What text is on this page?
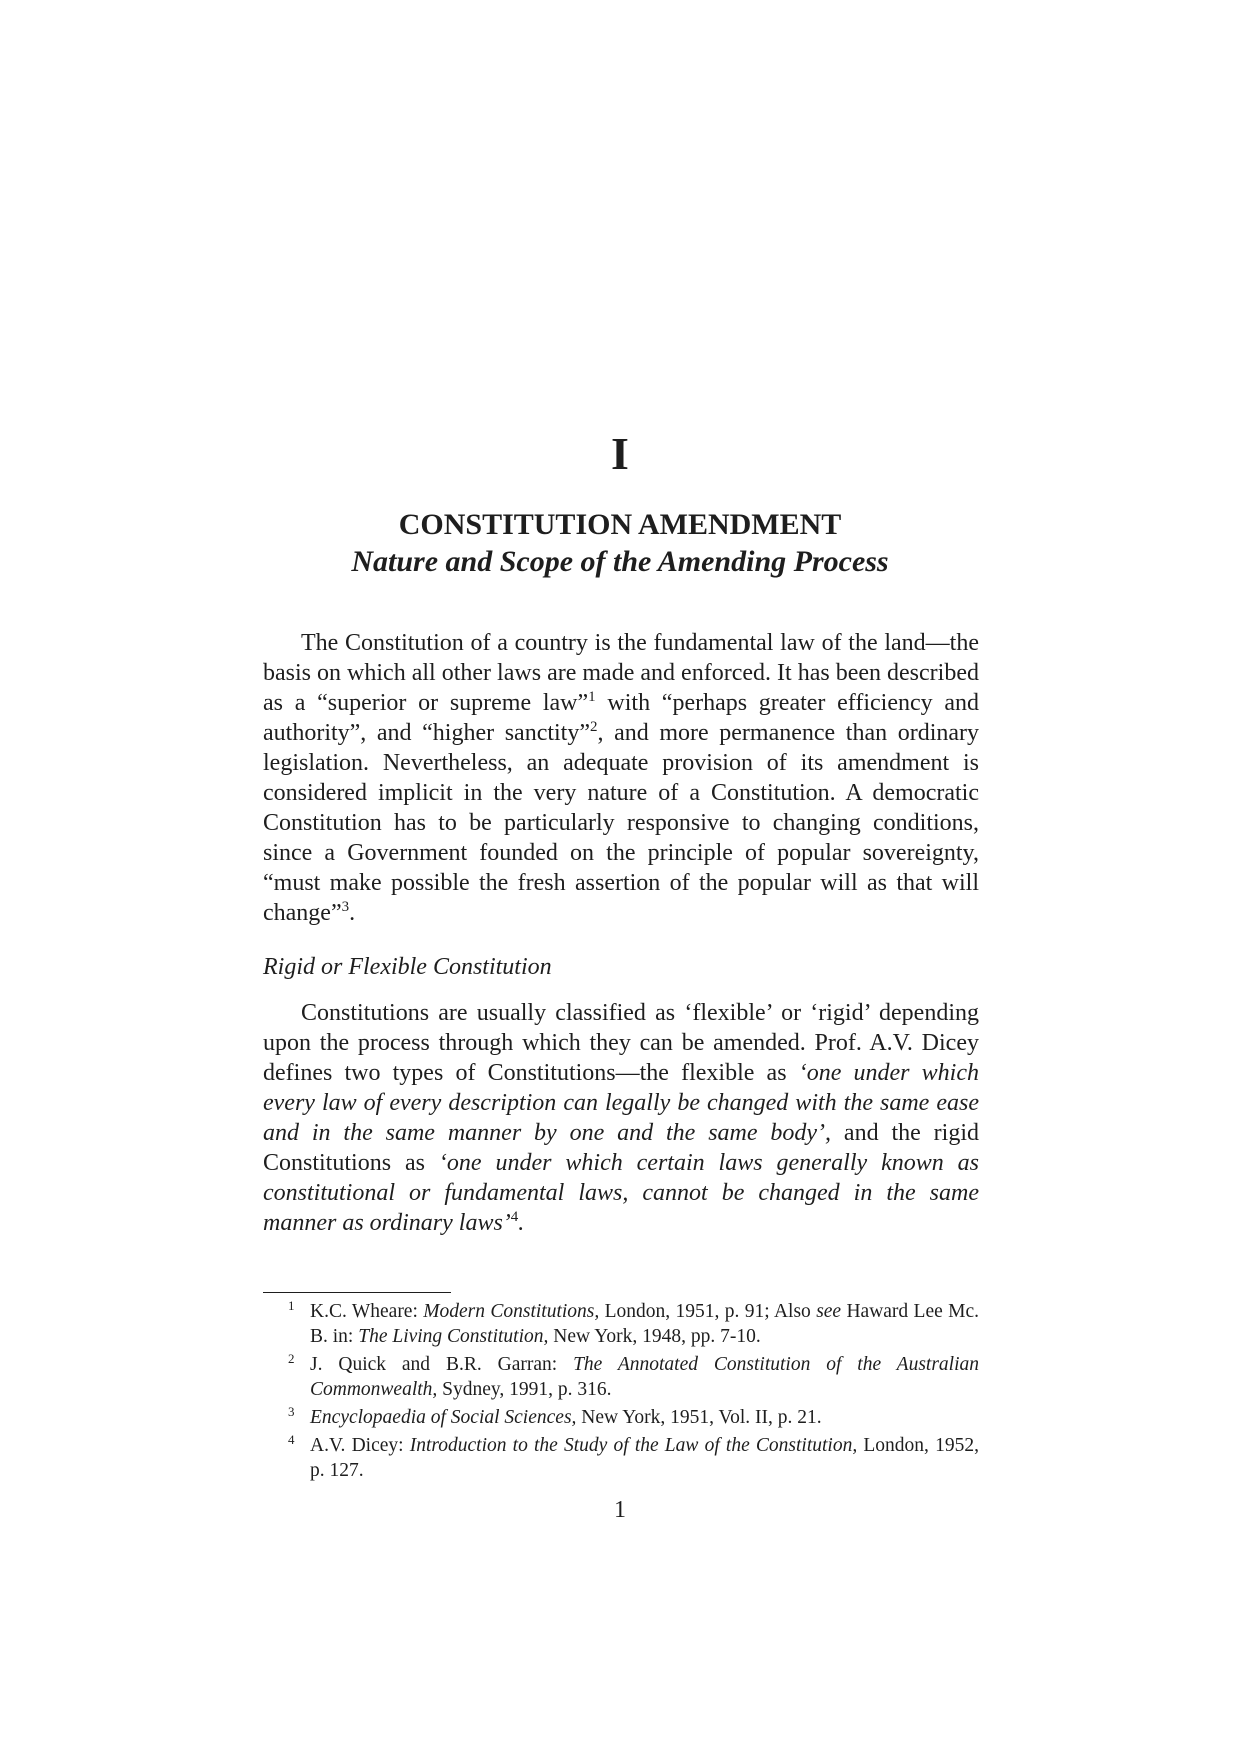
I
CONSTITUTION AMENDMENT
Nature and Scope of the Amending Process

The Constitution of a country is the fundamental law of the land—the basis on which all other laws are made and enforced. It has been described as a “superior or supreme law”$^1$ with “perhaps greater efficiency and authority”, and “higher sanctity”$^2$, and more permanence than ordinary legislation. Nevertheless, an adequate provision of its amendment is considered implicit in the very nature of a Constitution. A democratic Constitution has to be particularly responsive to changing conditions, since a Government founded on the principle of popular sovereignty, “must make possible the fresh assertion of the popular will as that will change”$^3$.

Rigid or Flexible Constitution

Constitutions are usually classified as ‘flexible’ or ‘rigid’ depending upon the process through which they can be amended. Prof. A.V. Dicey defines two types of Constitutions—the flexible as ‘one under which every law of every description can legally be changed with the same ease and in the same manner by one and the same body’, and the rigid Constitutions as ‘one under which certain laws generally known as constitutional or fundamental laws, cannot be changed in the same manner as ordinary laws’$^4$.

1 K.C. Wheare: Modern Constitutions, London, 1951, p. 91; Also see Haward Lee Mc. B. in: The Living Constitution, New York, 1948, pp. 7-10.
2 J. Quick and B.R. Garran: The Annotated Constitution of the Australian Commonwealth, Sydney, 1991, p. 316.
3 Encyclopaedia of Social Sciences, New York, 1951, Vol. II, p. 21.
4 A.V. Dicey: Introduction to the Study of the Law of the Constitution, London, 1952, p. 127.
1
